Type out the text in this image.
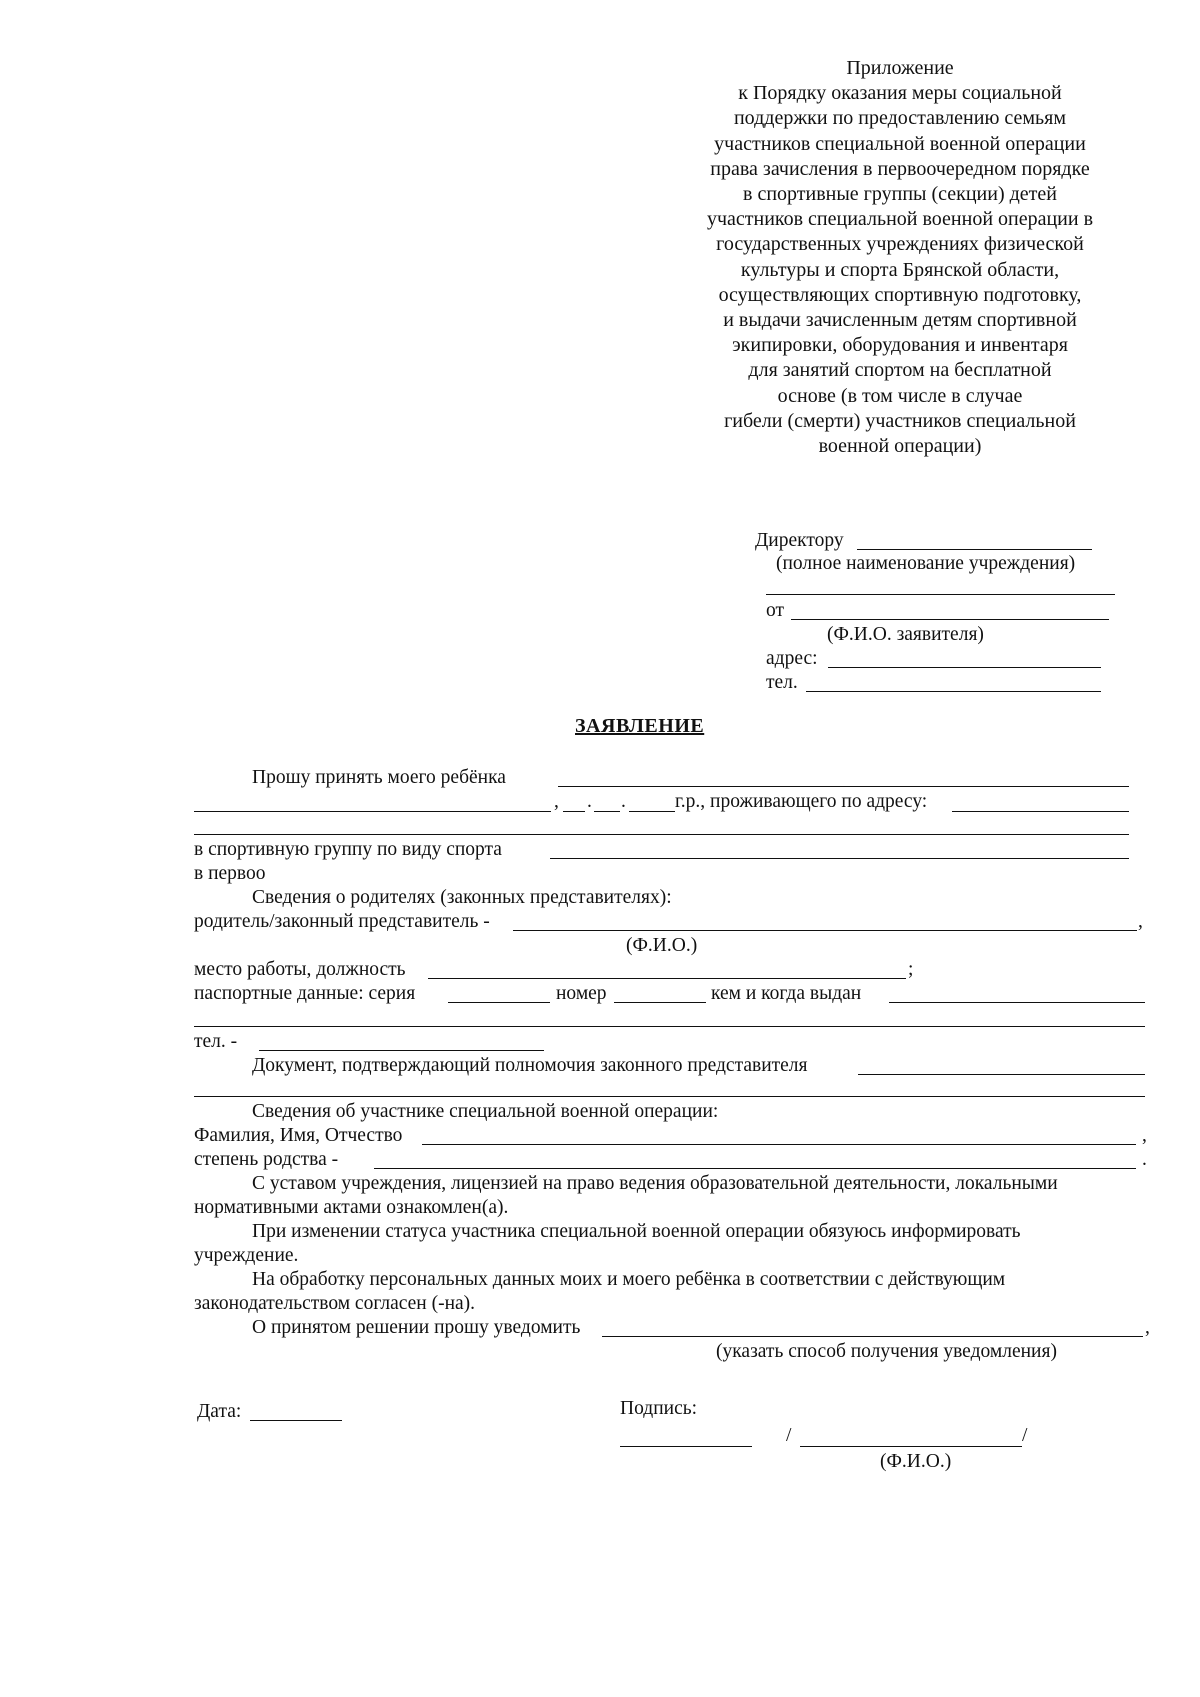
Приложение
к Порядку оказания меры социальной
поддержки по предоставлению семьям
участников специальной военной операции
права зачисления в первоочередном порядке
в спортивные группы (секции) детей
участников специальной военной операции в
государственных учреждениях физической
культуры и спорта Брянской области,
осуществляющих спортивную подготовку,
и выдачи зачисленным детям спортивной
экипировки, оборудования и инвентаря
для занятий спортом на бесплатной
основе (в том числе в случае
гибели (смерти) участников специальной
военной операции)
Директору
(полное наименование учреждения)
от
(Ф.И.О. заявителя)
адрес:
тел.
ЗАЯВЛЕНИЕ
Прошу принять моего ребёнка
, . .	г.р., проживающего по адресу:
в спортивную группу по виду спорта
в первоо
Сведения о родителях (законных представителях):
родитель/законный представитель -	,
(Ф.И.О.)
место работы, должность	;
паспортные данные: серия	номер	кем и когда выдан
тел. -
Документ, подтверждающий полномочия законного представителя
Сведения об участнике специальной военной операции:
Фамилия, Имя, Отчество	,
степень родства -	.
С уставом учреждения, лицензией на право ведения образовательной деятельности, локальными
нормативными актами ознакомлен(а).
При изменении статуса участника специальной военной операции обязуюсь информировать
учреждение.
На обработку персональных данных моих и моего ребёнка в соответствии с действующим
законодательством согласен (-на).
О принятом решении прошу уведомить	,
(указать способ получения уведомления)
Дата:	Подпись:
/	/
(Ф.И.О.)
